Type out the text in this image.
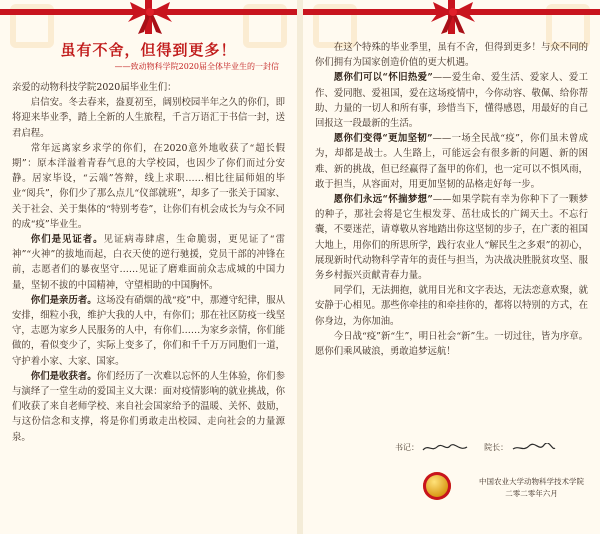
虽有不舍，但得到更多！
——致动物科学院2020届全体毕业生的一封信

亲爱的动物科技学院2020届毕业生们：

启信安。冬去春来，盎夏初至，阔别校园半年之久的你们，即将迎来毕业季，踏上全新的人生旅程，千言万语汇于书信一封，送君启程。

常年远离家乡求学的你们，在2020意外地收获了“超长假期”：原本洋溢着青春气息的大学校园，也因少了你们而过分安静。居家毕设，“云端”答辩，线上求职……相比往届师姐的毕业“阅兵”，你们少了那么点儿“仪部就班”，却多了一张关于国家、关于社会、关于集体的“特别考卷”，让你们有机会成长为与众不同的成“疫”毕业生。

你们是见证者。见证病毒肆虐，生命脆弱，更见证了“雷神”“火神”的拔地而起，白衣天使的逆行驰援，党员干部的冲锋在前，志愿者们的暴夜坚守……见证了磨难面前众志成城的中国力量，坚韧不拔的中国精神，守望相助的中国胸怀。

你们是亲历者。这场没有硝烟的战“疫”中，那遵守纪律，服从安排，细粒小我，维护大我的人中，有你们；那在社区防疫一线坚守，志愿为家乡人民服务的人中，有你们……为家乡亲情，你们能做的，看似变少了，实际上变多了，你们和千千万万同胞们一道，守护着小家、大家、国家。

你们是收获者。你们经历了一次难以忘怀的人生体验，你们参与演绎了一堂生动的爱国主义大课：面对疫情影响的就业挑战，你们收获了来自老师学校、来自社会国家给予的温暖、关怀、鼓励，与这份信念和支撑，将是你们勇敢走出校园、走向社会的力量源泉。

在这个特殊的毕业季里，虽有不舍，但得到更多！与众不同的你们拥有为国家创造价值的更大机遇。

愿你们可以“怀旧热爱”——爱生命、爱生活、爱家人、爱工作、爱同胞、爱祖国，爱在这场疫情中，今你动容、敬佩、给你帮助、力量的一切人和所有事，珍惜当下，懂得感恩，用最好的自己回报这一段最新的生活。

愿你们变得“更加坚韧”——一场全民战“疫”，你们虽未曾成为，却都是战士。人生路上，可能远会有很多新的问题、新的困难、新的挑战，但已经赢得了盔甲的你们，也一定可以不惧风雨，敢于担当，从容面对，用更加坚韧的品格走好每一步。

愿你们永远“怀揣梦想”——如果学院有幸为你种下了一颗梦的种子，那社会将是它生根发芽、茁壮成长的广阔天土。不忘行囊，不要迷茫，请尊敬从容地踏出你这坚韧的步子，在广袤的祖国大地上，用你们的所思所学，践行农业人“解民生之多艰”的初心，展现新时代动物科学青年的责任与担当，为决战决胜脱贫攻坚、服务乡村振兴贡献青春力量。

同学们，无法拥抱，就用目光和文字表达，无法恋意欢聚，就安静于心相见。那些你牵挂的和牵挂你的，都将以特别的方式，在你身边，为你加油。

今日战“疫”新“生”，明日社会“新”生。一切过往，皆为序章。愿你们乘风破浪，勇敢追梦远航！

书记：	院长：
中国农业大学动物科学技术学院
二零二零年六月
